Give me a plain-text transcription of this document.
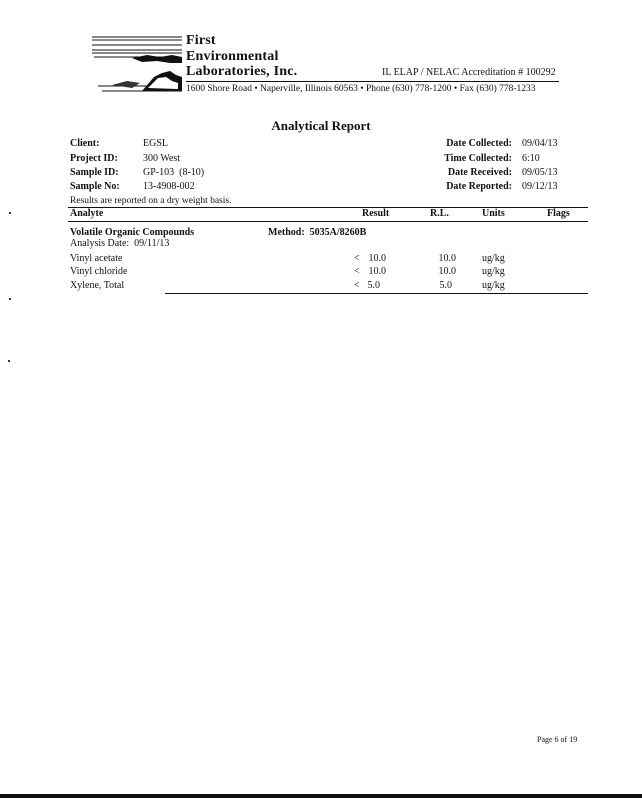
First
Environmental
Laboratories, Inc.	IL ELAP / NELAC Accreditation # 100292
1600 Shore Road • Naperville, Illinois 60563 • Phone (630) 778-1200 • Fax (630) 778-1233
Analytical Report
Client:	EGSL
Project ID:	300 West
Sample ID: GP-103  (8-10)
Sample No: 13-4908-002
Date Collected: 09/04/13
Time Collected: 6:10
Date Received: 09/05/13
Date Reported: 09/12/13
Results are reported on a dry weight basis.
Analyte	Result	R.L.	Units	Flags
Volatile Organic Compounds	Method:  5035A/8260B
Analysis Date:  09/11/13
Vinyl acetate	< 10.0	10.0	ug/kg
Vinyl chloride	< 10.0	10.0	ug/kg
Xylene, Total	< 5.0	5.0	ug/kg
Page 6 of 19
